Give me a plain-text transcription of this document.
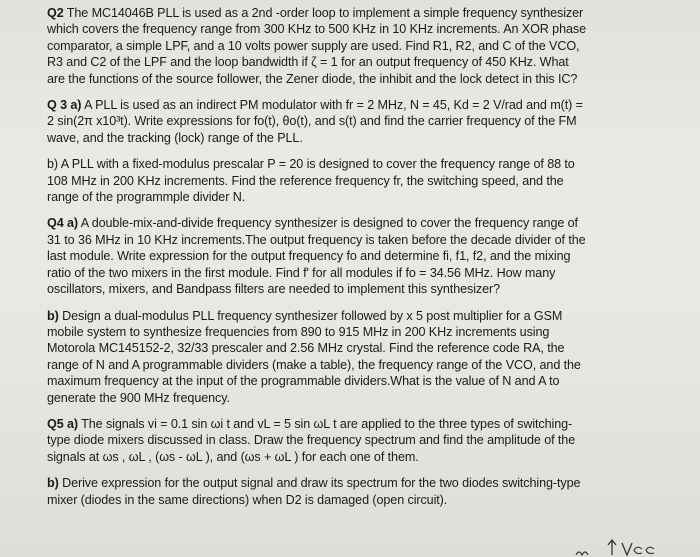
Q2 The MC14046B PLL is used as a 2nd -order loop to implement a simple frequency synthesizer
which covers the frequency range from 300 KHz to 500 KHz in 10 KHz increments. An XOR phase
comparator, a simple LPF, and a 10 volts power supply are used. Find R1, R2, and C of the VCO,
R3 and C2 of the LPF and the loop bandwidth if ζ = 1 for an output frequency of 450 KHz. What
are the functions of the source follower, the Zener diode, the inhibit and the lock detect in this IC?
Q 3 a) A PLL is used as an indirect PM modulator with fr = 2 MHz, N = 45, Kd = 2 V/rad and m(t) =
2 sin(2π x10³t). Write expressions for fo(t), θo(t), and s(t) and find the carrier frequency of the FM
wave, and the tracking (lock) range of the PLL.
b) A PLL with a fixed-modulus prescalar P = 20 is designed to cover the frequency range of 88 to
108 MHz in 200 KHz increments. Find the reference frequency fr, the switching speed, and the
range of the programmple divider N.
Q4 a) A double-mix-and-divide frequency synthesizer is designed to cover the frequency range of
31 to 36 MHz in 10 KHz increments.The output frequency is taken before the decade divider of the
last module. Write expression for the output frequency fo and determine fi, f1, f2, and the mixing
ratio of the two mixers in the first module. Find f' for all modules if fo = 34.56 MHz. How many
oscillators, mixers, and Bandpass filters are needed to implement this synthesizer?
b) Design a dual-modulus PLL frequency synthesizer followed by x 5 post multiplier for a GSM
mobile system to synthesize frequencies from 890 to 915 MHz in 200 KHz increments using
Motorola MC145152-2, 32/33 prescaler and 2.56 MHz crystal. Find the reference code RA, the
range of N and A programmable dividers (make a table), the frequency range of the VCO, and the
maximum frequency at the input of the programmable dividers.What is the value of N and A to
generate the 900 MHz frequency.
Q5 a) The signals vi = 0.1 sin ωi t and vL = 5 sin ωL t are applied to the three types of switching-
type diode mixers discussed in class. Draw the frequency spectrum and find the amplitude of the
signals at ωs , ωL , (ωs - ωL ), and (ωs + ωL ) for each one of them.
b) Derive expression for the output signal and draw its spectrum for the two diodes switching-type
mixer (diodes in the same directions) when D2 is damaged (open circuit).
